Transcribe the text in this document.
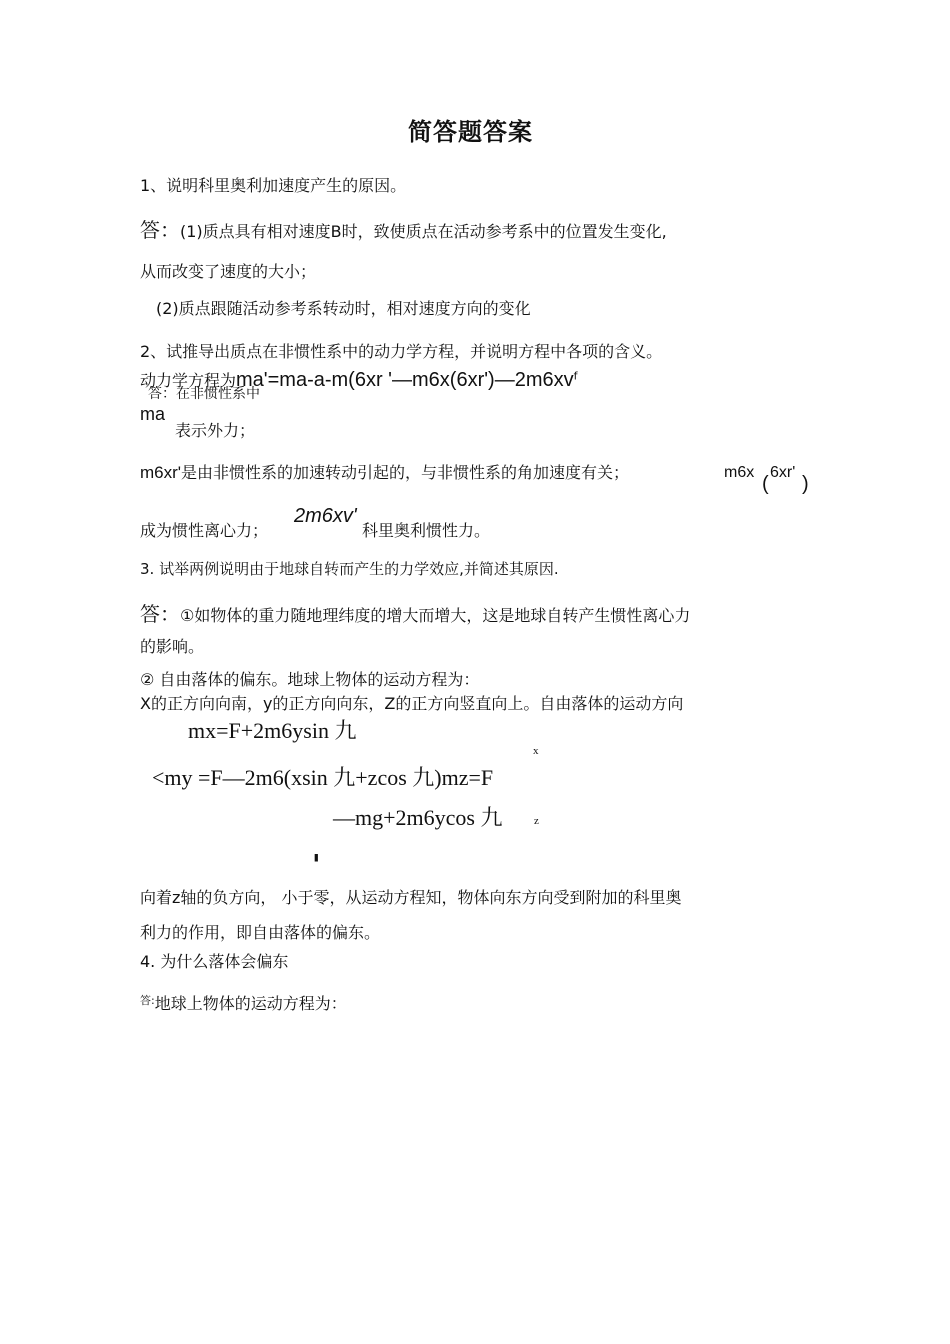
简答题答案
1、说明科里奥利加速度产生的原因。
答：(1)质点具有相对速度Β时，致使质点在活动参考系中的位置发生变化,
从而改变了速度的大小；
(2)质点跟随活动参考系转动时，相对速度方向的变化
2、试推导出质点在非惯性系中的动力学方程，并说明方程中各项的含义。
动力学方程为ma'=ma-a-m(6xr '$—m6x(6xr')—2m6xv^f$
答：在非惯性系中
ma
表示外力；
m6xr'是由非惯性系的加速转动引起的，与非惯性系的角加速度有关；	m6x
(
6xr'
)
成为惯性离心力；
2m6xv'
科里奥利惯性力。
3. 试举两例说明由于地球自转而产生的力学效应,并简述其原因.
答：①如物体的重力随地理纬度的增大而增大，这是地球自转产生惯性离心力
的影响。
② 自由落体的偏东。地球上物体的运动方程为：
X的正方向向南，y的正方向向东，Z的正方向竖直向上。自由落体的运动方向
mx=F+2m6ysin 九
x
<my =F—2m6(xsin 九+zcos 九)mz=F
—mg+2m6ycos 九	z
'
向着z轴的负方向， 小于零，从运动方程知，物体向东方向受到附加的科里奥
利力的作用，即自由落体的偏东。
4. 为什么落体会偏东
$^{答:}$地球上物体的运动方程为：
